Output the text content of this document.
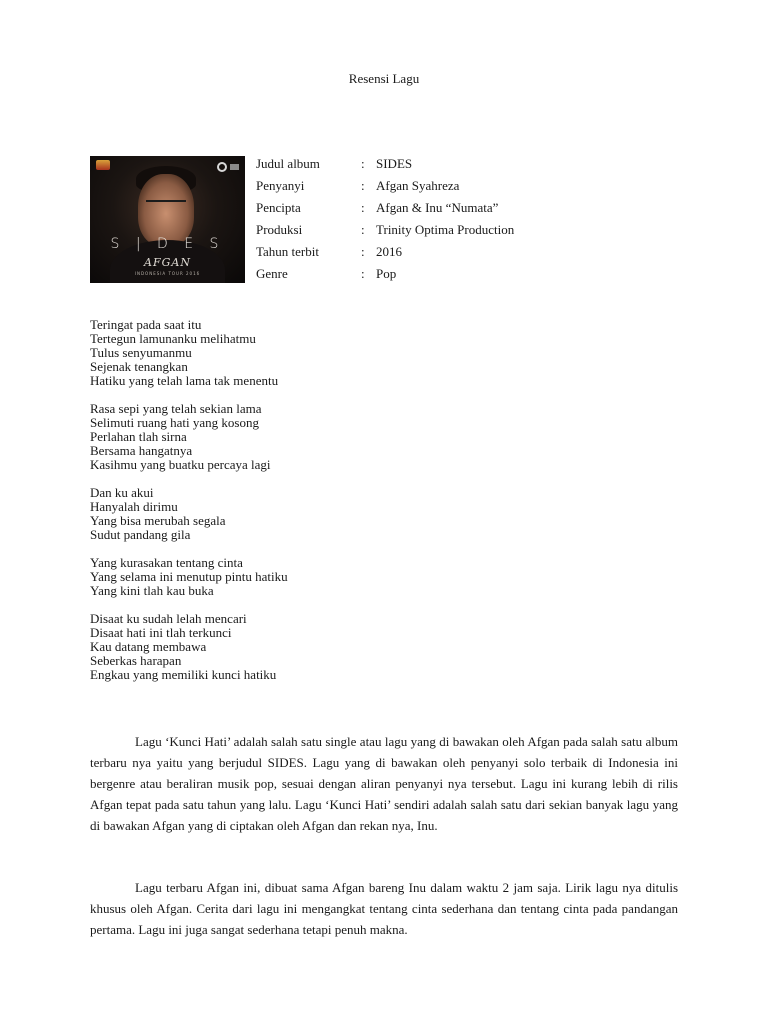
Resensi Lagu
S | D E S
AFGAN
INDONESIA TOUR 2016
Judul album	: SIDES
Penyanyi	: Afgan Syahreza
Pencipta	: Afgan & Inu “Numata”
Produksi	: Trinity Optima Production
Tahun terbit	: 2016
Genre	: Pop
Teringat pada saat itu
Tertegun lamunanku melihatmu
Tulus senyumanmu
Sejenak tenangkan
Hatiku yang telah lama tak menentu
Rasa sepi yang telah sekian lama
Selimuti ruang hati yang kosong
Perlahan tlah sirna
Bersama hangatnya
Kasihmu yang buatku percaya lagi
Dan ku akui
Hanyalah dirimu
Yang bisa merubah segala
Sudut pandang gila
Yang kurasakan tentang cinta
Yang selama ini menutup pintu hatiku
Yang kini tlah kau buka
Disaat ku sudah lelah mencari
Disaat hati ini tlah terkunci
Kau datang membawa
Seberkas harapan
Engkau yang memiliki kunci hatiku
Lagu ‘Kunci Hati’ adalah salah satu single atau lagu yang di bawakan oleh Afgan pada salah satu album terbaru nya yaitu yang berjudul SIDES. Lagu yang di bawakan oleh penyanyi solo terbaik di Indonesia ini bergenre atau beraliran musik pop, sesuai dengan aliran penyanyi nya tersebut. Lagu ini kurang lebih di rilis Afgan tepat pada satu tahun yang lalu. Lagu ‘Kunci Hati’ sendiri adalah salah satu dari sekian banyak lagu yang di bawakan Afgan yang di ciptakan oleh Afgan dan rekan nya, Inu.
Lagu terbaru Afgan ini, dibuat sama Afgan bareng Inu dalam waktu 2 jam saja. Lirik lagu nya ditulis khusus oleh Afgan. Cerita dari lagu ini mengangkat tentang cinta sederhana dan tentang cinta pada pandangan pertama. Lagu ini juga sangat sederhana tetapi penuh makna.
